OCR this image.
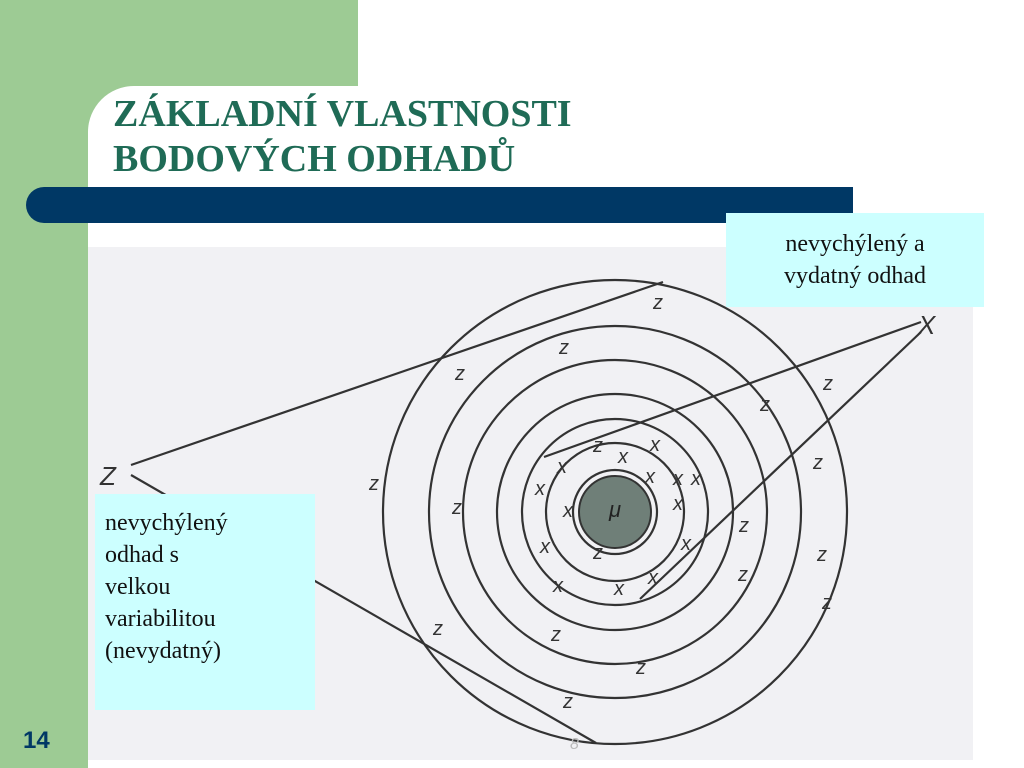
ZÁKLADNÍ VLASTNOSTI
BODOVÝCH ODHADŮ
μ
Z
X
8
z
z
z	z
z
z
z
z
z
z
z
z
z
z
z	z
z
z
x
x
x	x x
x	x
x	x
x	x
x	x x
nevychýlený a
vydatný odhad
nevychýlený
odhad s
velkou
variabilitou
(nevydatný)
14
